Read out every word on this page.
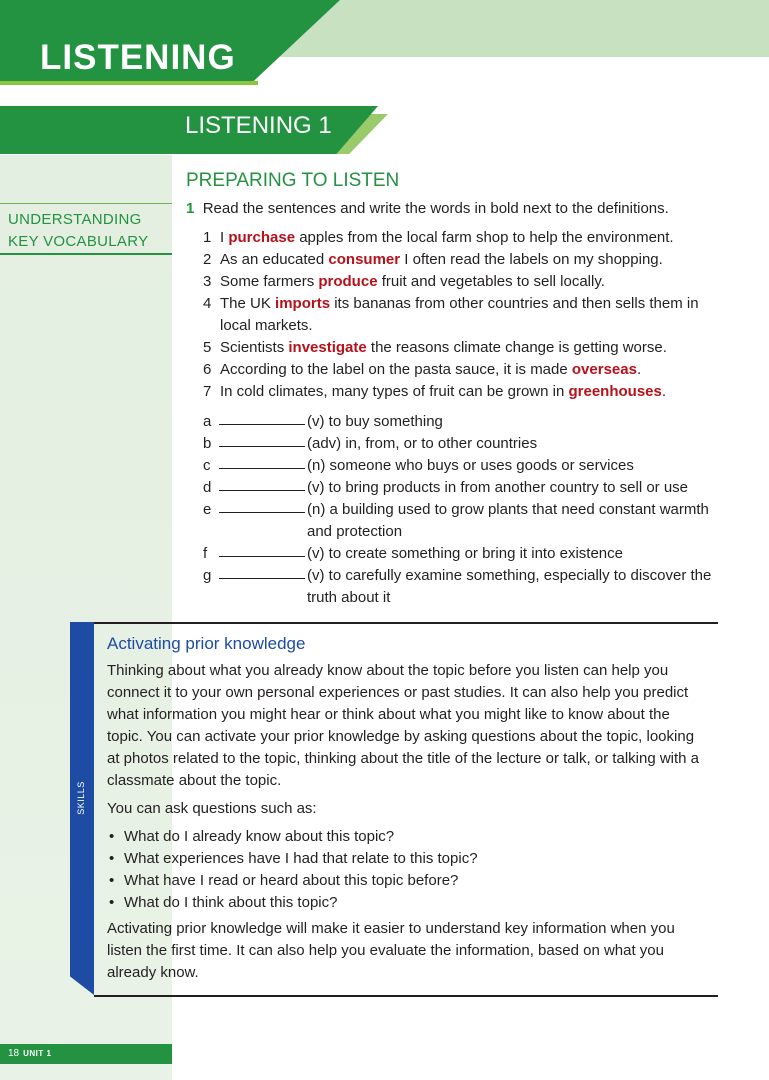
LISTENING
LISTENING 1
UNDERSTANDING
KEY VOCABULARY
PREPARING TO LISTEN
1 Read the sentences and write the words in bold next to the definitions.
1 I purchase apples from the local farm shop to help the environment.
2 As an educated consumer I often read the labels on my shopping.
3 Some farmers produce fruit and vegetables to sell locally.
4 The UK imports its bananas from other countries and then sells them in local markets.
5 Scientists investigate the reasons climate change is getting worse.
6 According to the label on the pasta sauce, it is made overseas.
7 In cold climates, many types of fruit can be grown in greenhouses.
a	(v) to buy something
b	(adv) in, from, or to other countries
c	(n) someone who buys or uses goods or services
d	(v) to bring products in from another country to sell or use
e	(n) a building used to grow plants that need constant warmth and protection
f	(v) to create something or bring it into existence
g	(v) to carefully examine something, especially to discover the truth about it
SKILLS
Activating prior knowledge

Thinking about what you already know about the topic before you listen can help you connect it to your own personal experiences or past studies. It can also help you predict what information you might hear or think about what you might like to know about the topic. You can activate your prior knowledge by asking questions about the topic, looking at photos related to the topic, thinking about the title of the lecture or talk, or talking with a classmate about the topic.

You can ask questions such as:

• What do I already know about this topic?
• What experiences have I had that relate to this topic?
• What have I read or heard about this topic before?
• What do I think about this topic?

Activating prior knowledge will make it easier to understand key information when you listen the first time. It can also help you evaluate the information, based on what you already know.

18 UNIT 1
